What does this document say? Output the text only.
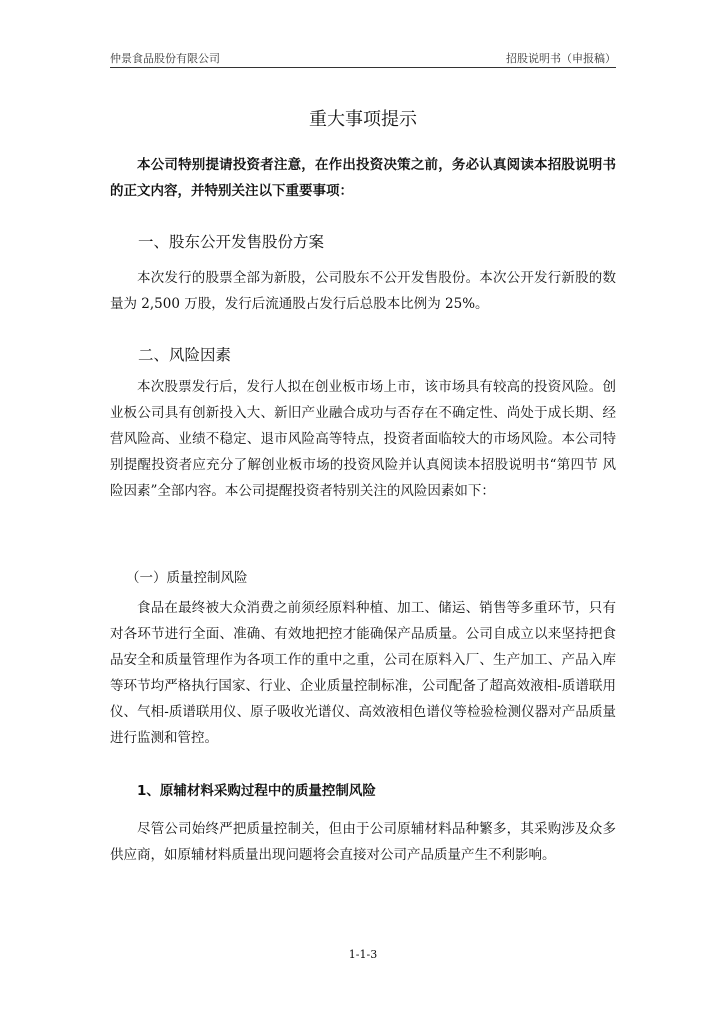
仲景食品股份有限公司	招股说明书（申报稿）
重大事项提示
本公司特别提请投资者注意，在作出投资决策之前，务必认真阅读本招股说明书的正文内容，并特别关注以下重要事项：
一、股东公开发售股份方案
本次发行的股票全部为新股，公司股东不公开发售股份。本次公开发行新股的数量为 2,500 万股，发行后流通股占发行后总股本比例为 25%。
二、风险因素
本次股票发行后，发行人拟在创业板市场上市，该市场具有较高的投资风险。创业板公司具有创新投入大、新旧产业融合成功与否存在不确定性、尚处于成长期、经营风险高、业绩不稳定、退市风险高等特点，投资者面临较大的市场风险。本公司特别提醒投资者应充分了解创业板市场的投资风险并认真阅读本招股说明书“第四节 风险因素”全部内容。本公司提醒投资者特别关注的风险因素如下：
（一）质量控制风险
食品在最终被大众消费之前须经原料种植、加工、储运、销售等多重环节，只有对各环节进行全面、准确、有效地把控才能确保产品质量。公司自成立以来坚持把食品安全和质量管理作为各项工作的重中之重，公司在原料入厂、生产加工、产品入库等环节均严格执行国家、行业、企业质量控制标准，公司配备了超高效液相-质谱联用仪、气相-质谱联用仪、原子吸收光谱仪、高效液相色谱仪等检验检测仪器对产品质量进行监测和管控。
1、原辅材料采购过程中的质量控制风险
尽管公司始终严把质量控制关，但由于公司原辅材料品种繁多，其采购涉及众多供应商，如原辅材料质量出现问题将会直接对公司产品质量产生不利影响。
1-1-3
